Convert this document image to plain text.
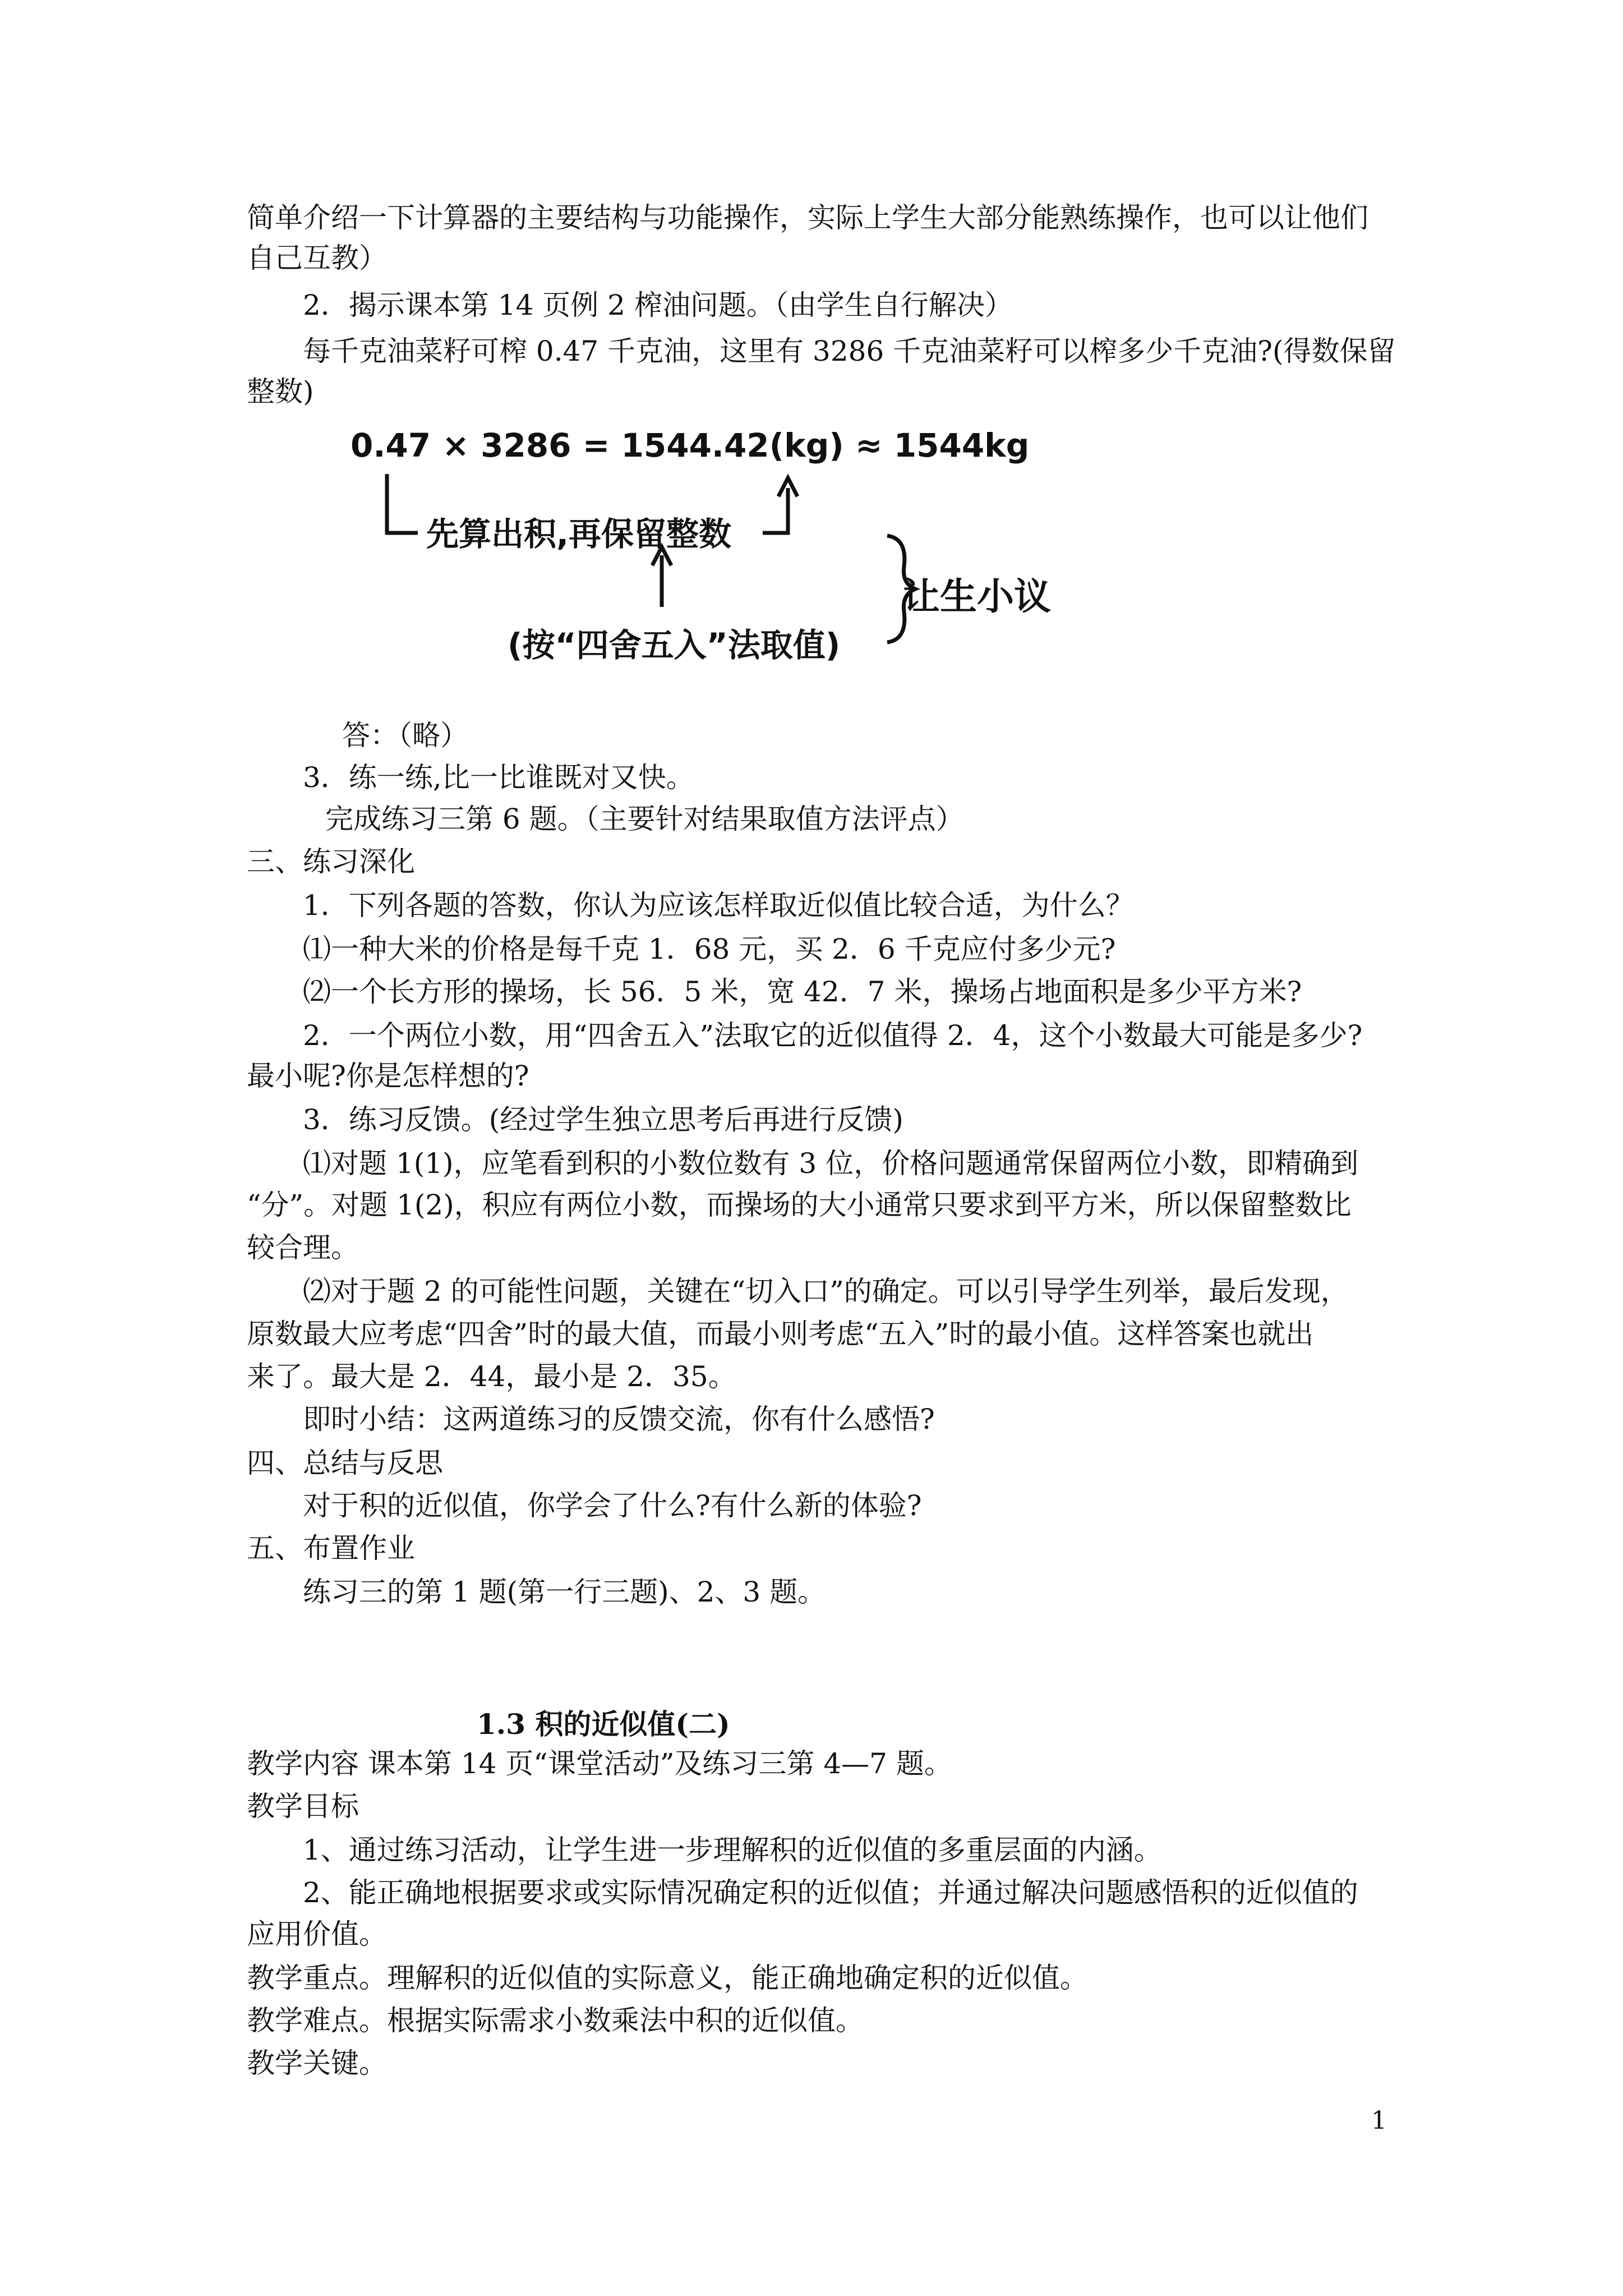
简单介绍一下计算器的主要结构与功能操作，实际上学生大部分能熟练操作，也可以让他们
自己互教）
2．揭示课本第 14 页例 2 榨油问题。（由学生自行解决）
每千克油菜籽可榨 0.47 千克油，这里有 3286 千克油菜籽可以榨多少千克油?(得数保留
整数)
0.47 × 3286 = 1544.42(kg) ≈ 1544kg
先算出积,再保留整数
(按“四舍五入”法取值)
让生小议
答：（略）
3．练一练,比一比谁既对又快。
完成练习三第 6 题。（主要针对结果取值方法评点）
三、练习深化
1．下列各题的答数，你认为应该怎样取近似值比较合适，为什么？
⑴一种大米的价格是每千克 1．68 元，买 2．6 千克应付多少元?
⑵一个长方形的操场，长 56．5 米，宽 42．7 米，操场占地面积是多少平方米?
2．一个两位小数，用“四舍五入”法取它的近似值得 2．4，这个小数最大可能是多少?
最小呢?你是怎样想的?
3．练习反馈。(经过学生独立思考后再进行反馈)
⑴对题 1(1)，应笔看到积的小数位数有 3 位，价格问题通常保留两位小数，即精确到
“分”。对题 1(2)，积应有两位小数，而操场的大小通常只要求到平方米，所以保留整数比
较合理。
⑵对于题 2 的可能性问题，关键在“切入口”的确定。可以引导学生列举，最后发现，
原数最大应考虑“四舍”时的最大值，而最小则考虑“五入”时的最小值。这样答案也就出
来了。最大是 2．44，最小是 2．35。
即时小结：这两道练习的反馈交流，你有什么感悟?
四、总结与反思
对于积的近似值，你学会了什么?有什么新的体验?
五、布置作业
练习三的第 1 题(第一行三题)、2、3 题。
1.3 积的近似值(二)
教学内容 课本第 14 页“课堂活动”及练习三第 4—7 题。
教学目标
1、通过练习活动，让学生进一步理解积的近似值的多重层面的内涵。
2、能正确地根据要求或实际情况确定积的近似值；并通过解决问题感悟积的近似值的
应用价值。
教学重点。理解积的近似值的实际意义，能正确地确定积的近似值。
教学难点。根据实际需求小数乘法中积的近似值。
教学关键。
1
